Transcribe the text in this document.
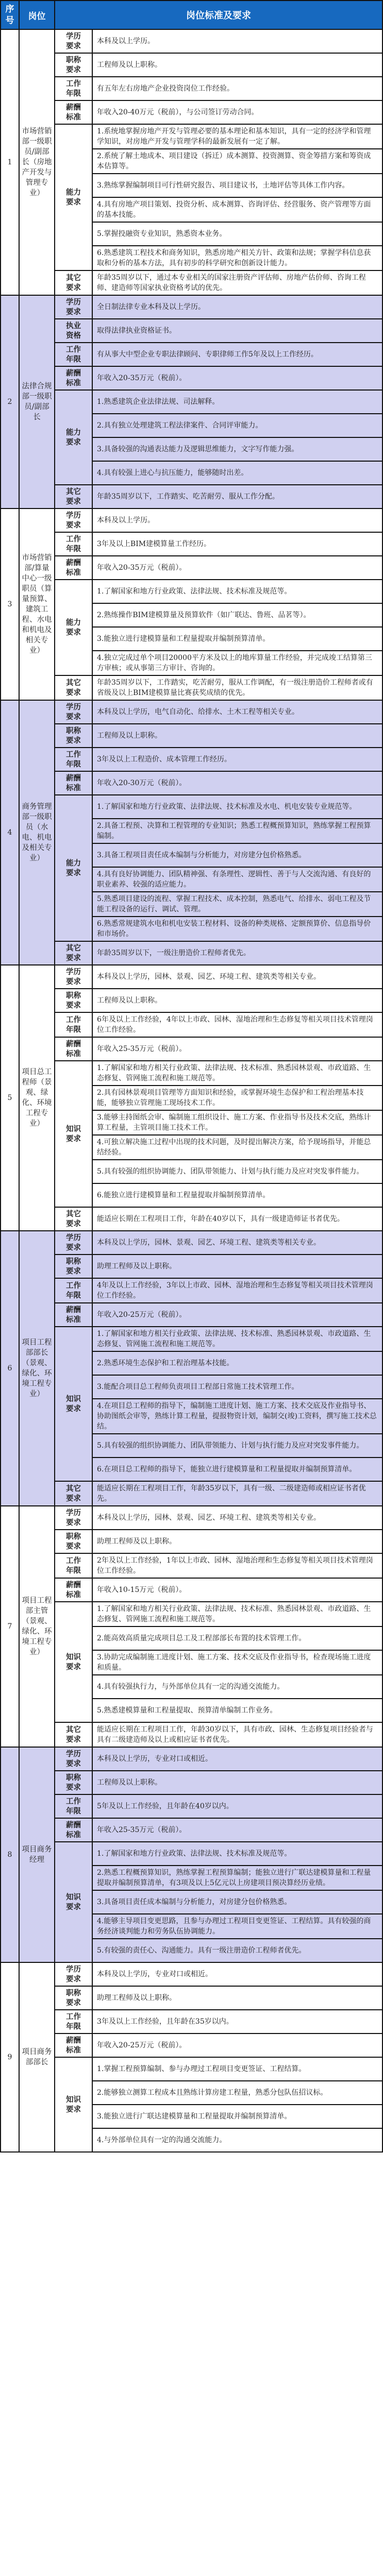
序号	岗位	岗位标准及要求	
1	市场营销部一级职员/副部长（房地产开发与管理专业）	学历要求	本科及以上学历。
		职称要求	工程师及以上职称。
		工作年限	有五年左右房地产企业投资岗位工作经验。
		薪酬标准	年收入20-40万元（税前），与公司签订劳动合同。
		能力要求	1.系统地掌握房地产开发与管理必要的基本理论和基本知识，具有一定的经济学和管理学知识，对房地产开发与管理学科的最新发展有一定了解。
			2.系统了解土地成本、项目建设（拆迁）成本测算、投资测算、资金筹措方案和筹资成本估算等。
			3.熟练掌握编制项目可行性研究报告、项目建议书，土地评估等具体工作内容。
			4.具有房地产项目策划、投资分析、成本测算、咨询评估、经营服务、资产管理等方面的基本技能。
			5.掌握投融资专业知识，熟悉资本业务。
			6.熟悉建筑工程技术和商务知识，熟悉房地产相关方针、政策和法规；掌握学科信息获取和分析的基本方法，具有初步的科学研究和创新设计能力。
		其它要求	年龄35周岁以下，通过本专业相关的国家注册资产评估师、房地产估价师、咨询工程师、建造师等国家执业资格考试的优先。
2	法律合规部一级职员/副部长	学历要求	全日制法律专业本科及以上学历。
		执业资格	取得法律执业资格证书。
		工作年限	有从事大中型企业专职法律顾问、专职律师工作5年及以上工作经历。
		薪酬标准	年收入20-35万元（税前）。
		能力要求	1.熟悉建筑企业法律法规、司法解释。
			2.具有独立处理建筑工程法律案件、合同评审能力。
			3.具备较强的沟通表达能力及逻辑思维能力，文字写作能力强。
			4.具有较强上进心与抗压能力，能够随时出差。
		其它要求	年龄35周岁以下，工作踏实、吃苦耐劳、服从工作分配。
3	市场营销部/算量中心一级职员（算量预算、建筑工程、水电和机电及相关专业）	学历要求	本科及以上学历。
		工作年限	3年及以上BIM建模算量工作经历。
		薪酬标准	年收入20-35万元（税前）。
		能力要求	1.了解国家和地方行业政策、法律法规、技术标准及规范等。
			2.熟练操作BIM建模算量及预算软件（如广联达、鲁班、品茗等）。
			3.能独立进行建模算量和工程量提取并编制预算清单。
			4.独立完成过单个项目20000平方米及以上的地库算量工作经验，并完成竣工结算第三方审核；或从事第三方审计、咨询的。
		其它要求	年龄35周岁以下，工作踏实，吃苦耐劳，服从工作调配，有一级注册造价工程师者或有省级及以上BIM建模算量比赛获奖成绩的优先。
4	商务管理部一级职员（水电、机电及相关专业）	学历要求	本科及以上学历，电气自动化、给排水、土木工程等相关专业。
		职称要求	工程师及以上职称。
		工作年限	3年及以上工程造价、成本管理工作经历。
		薪酬标准	年收入20-30万元（税前）。
		能力要求	1.了解国家和地方行业政策、法律法规、技术标准及水电、机电安装专业规范等。
			2.具备工程预、决算和工程管理的专业知识；熟悉工程概预算知识，熟练掌握工程预算编制。
			3.具备工程项目责任成本编制与分析能力，对房建分包价格熟悉。
			4.具有良好协调能力、团队精神强、有条理性、逻辑性、善于与人交流沟通、有良好的职业素养、较强的适应能力。
			5.熟悉项目建设的流程、掌握工程技术、成本控制，熟悉电气、给排水、弱电工程及节能工程设备的运行、调试、管理。
			6.熟悉常规建筑水电和机电安装工程材料、设备的种类规格、定额预算价、信息指导价和市场价。
		其它要求	年龄35周岁以下，一级注册造价工程师者优先。
5	项目总工程师（景观、绿化、环境工程专业）	学历要求	本科及以上学历，园林、景观、园艺、环境工程、建筑类等相关专业。
		职称要求	工程师及以上职称。
		工作年限	6年及以上工作经验，4年以上市政、园林、湿地治理和生态修复等相关项目技术管理岗位工作经验。
		薪酬标准	年收入25-35万元（税前）。
		知识要求	1.了解国家和地方相关行业政策、法律法规、技术标准、熟悉园林景观、市政道路、生态修复、管网施工流程和施工规范等。
			2.具有园林景观项目管理等方面知识和经验，或掌握环境生态保护和工程治理基本技能，能够独立管理施工现场技术工作。
			3.能够主持图纸会审、编制施工组织设计、施工方案、作业指导书及技术交底，熟练计算工程量，主管项目施工技术工作。
			4.可独立解决施工过程中出现的技术问题，及时提出解决方案，给予现场指导，并能总结经验。
			5.具有较强的组织协调能力、团队带领能力、计划与执行能力及应对突发事件能力。
			6.能独立进行建模算量和工程量提取并编制预算清单。
		其它要求	能适应长期在工程项目工作，年龄在40岁以下，具有一级建造师证书者优先。
6	项目工程部部长（景观、绿化、环境工程专业）	学历要求	本科及以上学历，园林、景观、园艺、环境工程、建筑类等相关专业。
		职称要求	助理工程师及以上职称。
		工作年限	4年及以上工作经验，3年以上市政、园林、湿地治理和生态修复等相关项目技术管理岗位工作经验。
		薪酬标准	年收入20-25万元（税前）。
		知识要求	1.了解国家和地方相关行业政策、法律法规、技术标准、熟悉园林景观、市政道路、生态修复、管网施工流程和施工规范等。
			2.熟悉环境生态保护和工程治理基本技能。
			3.能配合项目总工程师负责项目工程部日常施工技术管理工作。
			4.在项目总工程师的指导下，编制施工进度计划、施工方案、技术交底及作业指导书、协助图纸会审等，熟练计算工程量，提报物资计划，编制交(竣)工资料，撰写施工技术总结。
			5.具有较强的组织协调能力、团队带领能力、计划与执行能力及应对突发事件能力。
			6.在项目总工程师的指导下，能独立进行建模算量和工程量提取并编制预算清单。
		其它要求	能适应长期在工程项目工作，年龄35岁以下，具有一级、二级建造师或相应证书者优先。
7	项目工程部主管（景观、绿化、环境工程专业）	学历要求	本科及以上学历，园林、景观、园艺、环境工程、建筑类等相关专业。
		职称要求	助理工程师及以上职称。
		工作年限	2年及以上工作经验，1年以上市政、园林、湿地治理和生态修复等相关项目技术管理岗位工作经验。
		薪酬标准	年收入10-15万元（税前）。
		知识要求	1.了解国家和地方相关行业政策、法律法规、技术标准、熟悉园林景观、市政道路、生态修复、管网施工流程和施工规范等。
			2.能高效高质量完成项目总工及工程部部长布置的技术管理工作。
			3.协助完成编制施工进度计划、施工方案、技术交底及作业指导书，检查现场施工进度和质量。
			4.具有较强执行力，与外部单位具有一定的沟通交流能力。
			5.熟悉建模算量和工程量提取、预算清单编制工作业务。
		其它要求	能适应长期在工程项目工作，年龄30岁以下，具有市政、园林、生态修复项目经验者与具有二级建造师及以上或相应证书者优先。
8	项目商务经理	学历要求	本科及以上学历，专业对口或相近。
		职称要求	工程师及以上职称。
		工作年限	5年及以上工作经验，且年龄在40岁以内。
		薪酬标准	年收入25-35万元（税前）。
		知识要求	1.了解国家和地方行业政策、法律法规、技术标准及规范等。
			2.熟悉工程概预算知识，熟练掌握工程预算编制；能独立进行广联达建模算量和工程量提取并编制预算清单，有3项及以上5亿元以上房建项目预决算经历业绩。
			3.具备项目责任成本编制与分析能力，对房建分包价格熟悉。
			4.能够主导项目变更思路，且参与办理过工程项目变更签证、工程结算。具有较强的商务经济谈判能力和劳务队伍协调能力。
			5.有较强的责任心、沟通能力。具有一级注册造价工程师者优先。
9	项目商务部部长	学历要求	本科及以上学历，专业对口或相近。
		职称要求	助理工程师及以上职称。
		工作年限	3年及以上工作经验，且年龄在35岁以内。
		薪酬标准	年收入20-25万元（税前）。
		知识要求	1.掌握工程预算编制、参与办理过工程项目变更签证、工程结算。
			2.能够独立测算工程成本且熟练计算房建工程量，熟悉分包队伍招议标。
			3.能独立进行广联达建模算量和工程量提取并编制预算清单。
			4.与外部单位具有一定的沟通交流能力。
